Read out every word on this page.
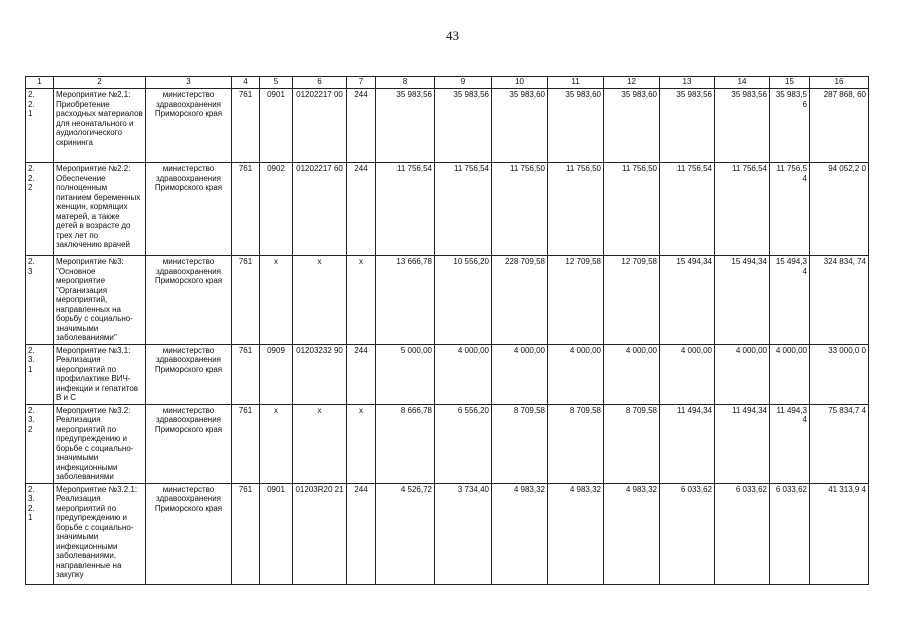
43
1	2	3	4	5	6	7	8	9	10	11	12	13	14	15	16

2.
2.
1	Мероприятие №2.1: Приобретение расходных материалов для неонатального и аудиологического скрининга	министерство здравоохранения Приморского края	761	0901	01202217 00	244	35 983,56	35 983,56	35 983,60	35 983,60	35 983,60	35 983,56	35 983,56	35 983,5 6	287 868, 60

2.
2.
2	Мероприятие №2.2: Обеспечение полноценным питанием беременных женщин, кормящих матерей, а также детей в возрасте до трех лет по заключению врачей	министерство здравоохранения Приморского края	761	0902	01202217 60	244	11 756,54	11 756,54	11 756,50	11 756,50	11 756,50	11 756,54	11 756,54	11 756,5 4	94 052,2 0

2.
3	Мероприятие №3: "Основное мероприятие "Организация мероприятий, направленных на борьбу с социально-значимыми заболеваниями"	министерство здравоохранения Приморского края	761	x	x	x	13 666,78	10 556,20	228 709,58	12 709,58	12 709,58	15 494,34	15 494,34	15 494,3 4	324 834, 74

2.
3.
1	Мероприятие №3.1: Реализация мероприятий по профилактике ВИЧ-инфекции и гепатитов В и С	министерство здравоохранения Приморского края	761	0909	01203232 90	244	5 000,00	4 000,00	4 000,00	4 000,00	4 000,00	4 000,00	4 000,00	4 000,00	33 000,0 0

2.
3.
2	Мероприятие №3.2: Реализация мероприятий по предупреждению и борьбе с социально-значимыми инфекционными заболеваниями	министерство здравоохранения Приморского края	761	x	x	x	8 666,78	6 556,20	8 709,58	8 709,58	8 709,58	11 494,34	11 494,34	11 494,3 4	75 834,7 4

2.
3.
2.
1	Мероприятие №3.2.1: Реализация мероприятий по предупреждению и борьбе с социально-значимыми инфекционными заболеваниями, направленные на закупку	министерство здравоохранения Приморского края	761	0901	01203R20 21	244	4 526,72	3 734,40	4 983,32	4 983,32	4 983,32	6 033,62	6 033,62	6 033,62	41 313,9 4
